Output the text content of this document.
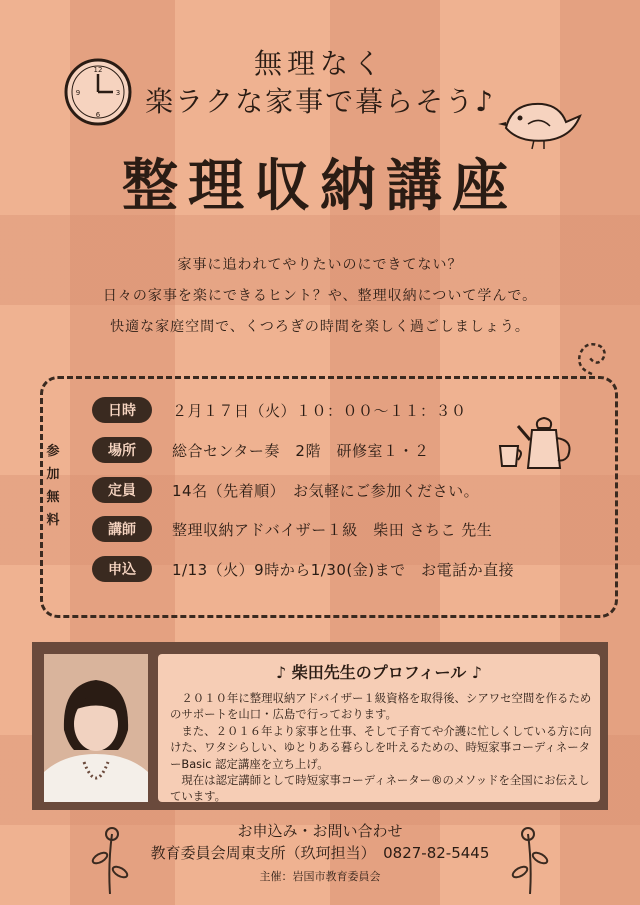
12
3
6
9
無理なく
楽ラクな家事で暮らそう♪
整理収納講座
家事に追われてやりたいのにできてない？
日々の家事を楽にできるヒント？や、整理収納について学んで。
快適な家庭空間で、くつろぎの時間を楽しく過ごしましょう。
参
加
無
料
日時	２月１７日（火）１０：００～１１：３０
場所	総合センター奏　2階　研修室１・２
定員	14名（先着順）　お気軽にご参加ください。
講師	整理収納アドバイザー１級　柴田 さちこ 先生
申込	1/13（火）9時から1/30(金)まで　お電話か直接
♪ 柴田先生のプロフィール ♪

２０１０年に整理収納アドバイザー１級資格を取得後、シアワセ空間を作るためのサポートを山口・広島で行っております。

また、２０１６年より家事と仕事、そして子育てや介護に忙しくしている方に向けた、ワタシらしい、ゆとりある暮らしを叶えるための、時短家事コーディネーターBasic 認定講座を立ち上げ。

現在は認定講師として時短家事コーディネーター®のメソッドを全国にお伝えしています。

お申込み・お問い合わせ
教育委員会周東支所（玖珂担当）　0827-82-5445
主催：岩国市教育委員会
